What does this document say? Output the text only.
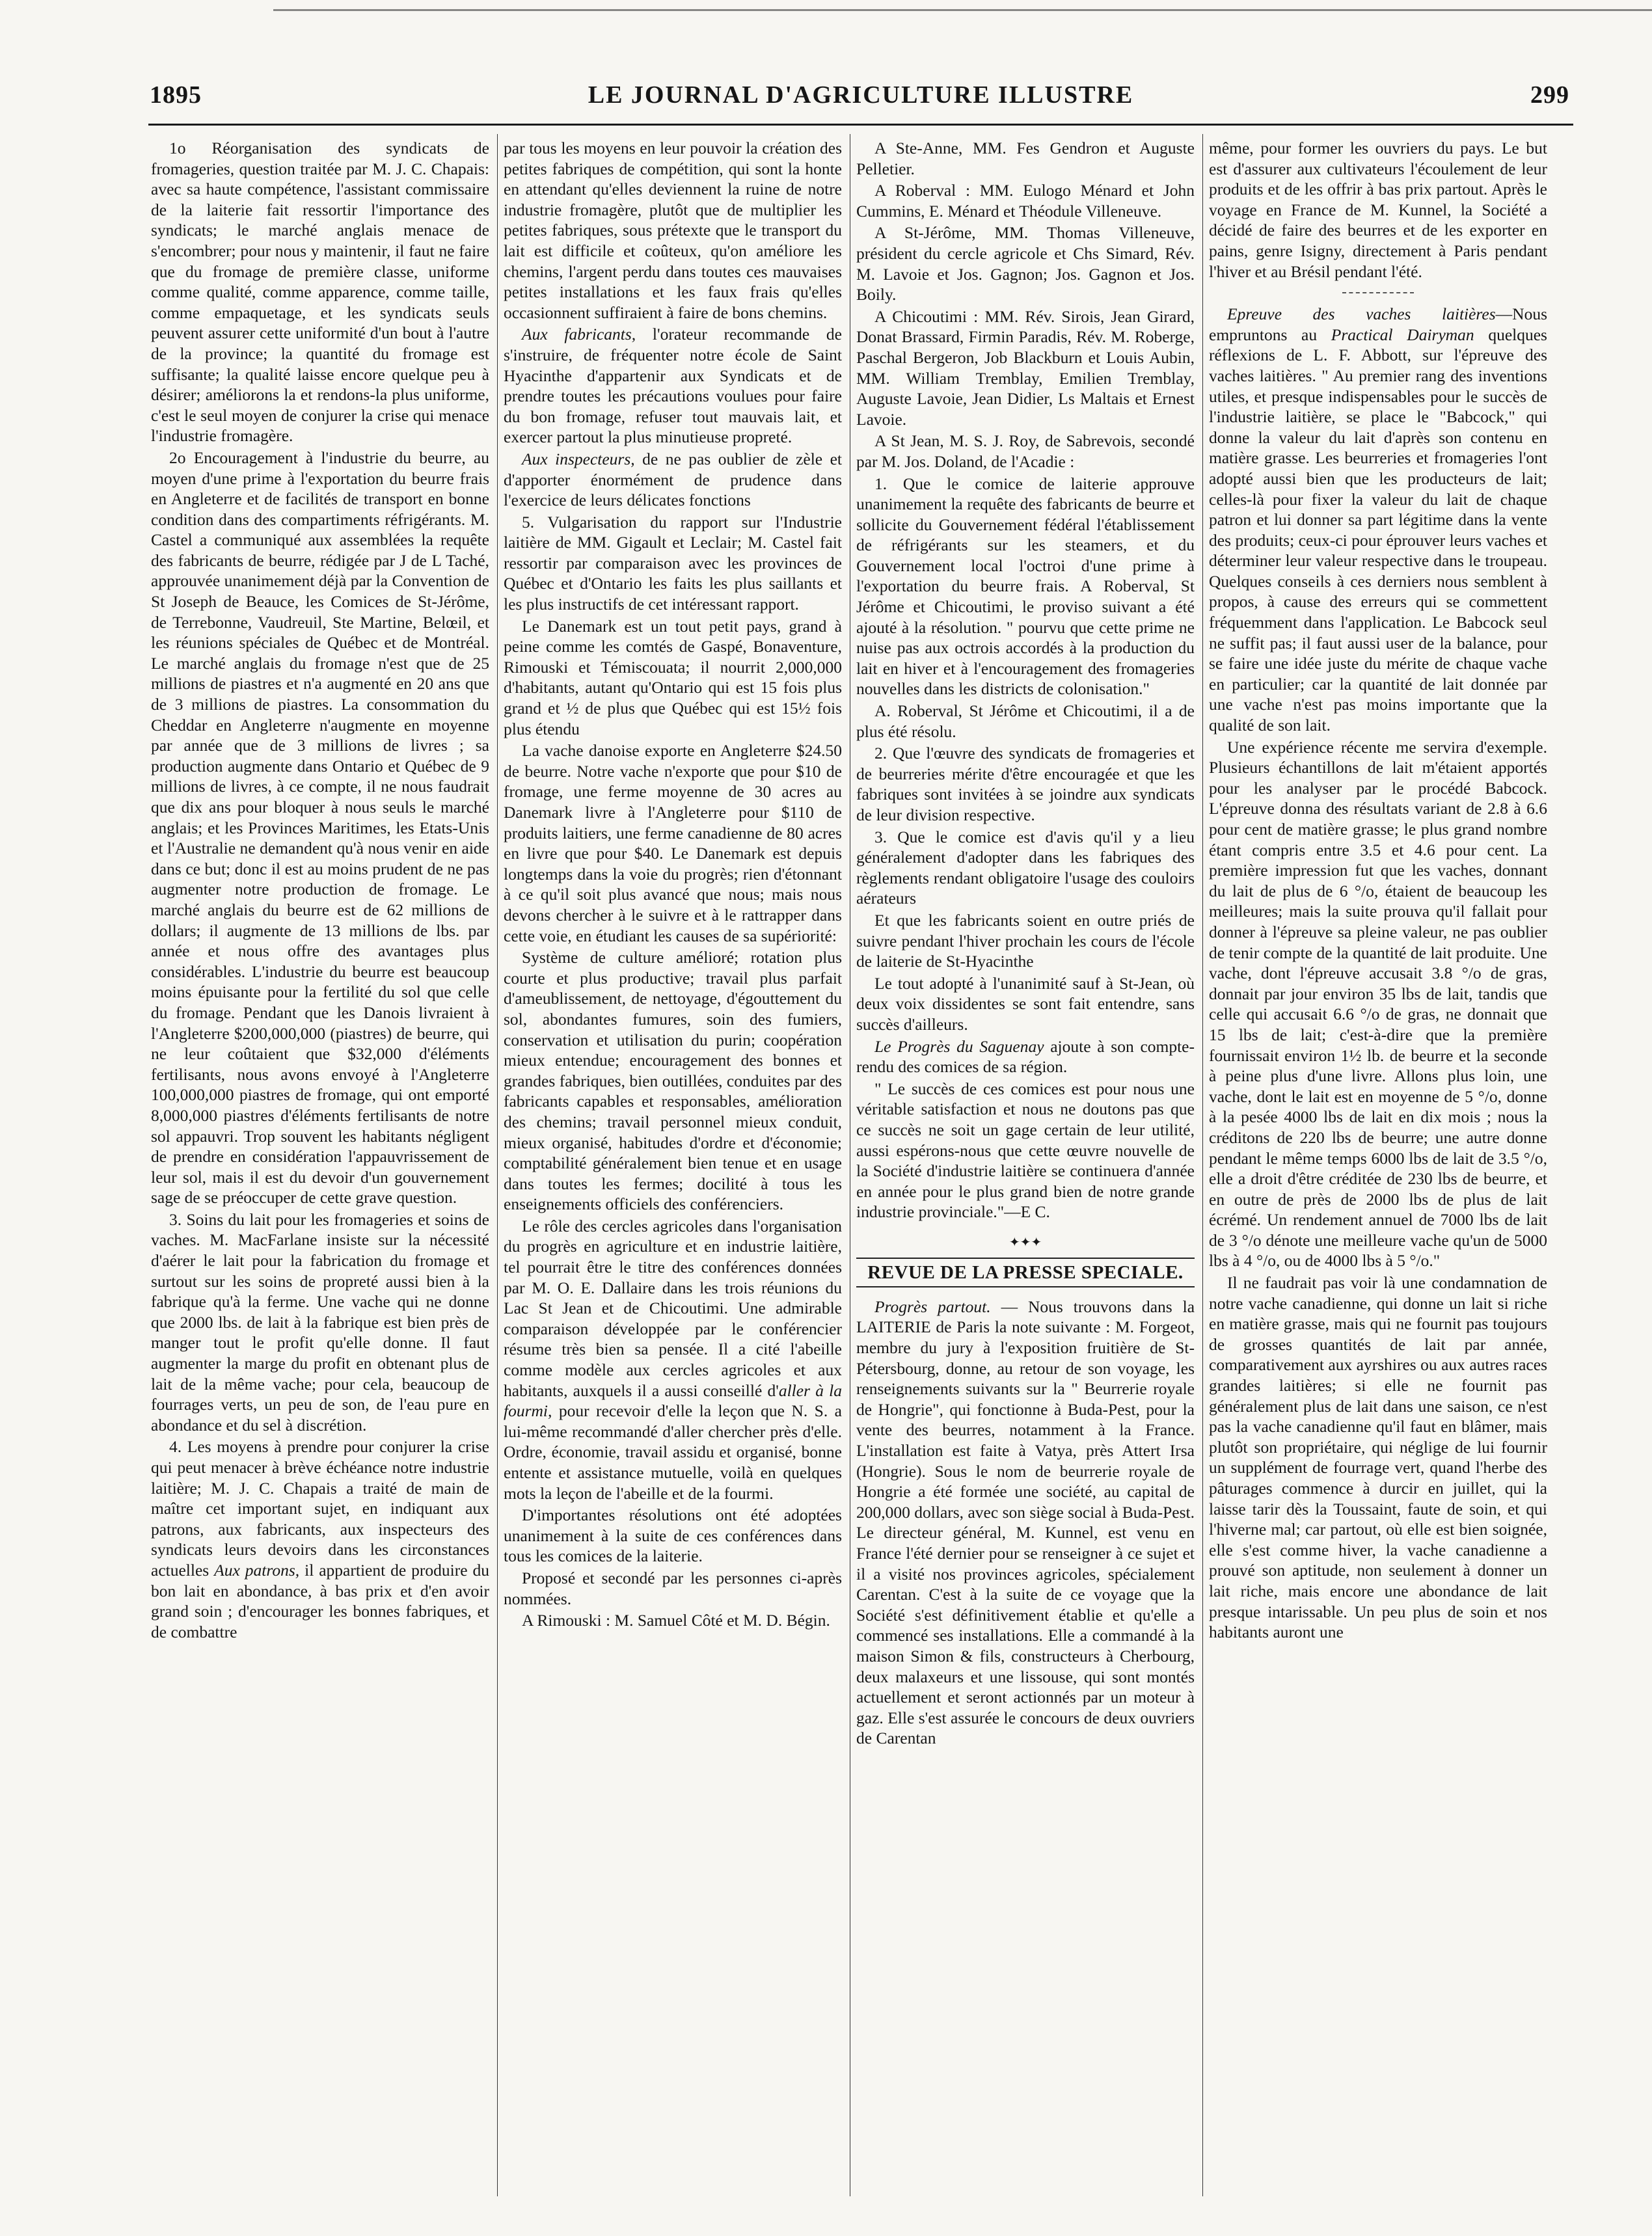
1895	LE JOURNAL D'AGRICULTURE ILLUSTRE	299

1o Réorganisation des syndicats de fromageries, question traitée par M. J. C. Chapais: avec sa haute compétence, l'assistant commissaire de la laiterie fait ressortir l'importance des syndicats; le marché anglais menace de s'encombrer; pour nous y maintenir, il faut ne faire que du fromage de première classe, uniforme comme qualité, comme apparence, comme taille, comme empaquetage, et les syndicats seuls peuvent assurer cette uniformité d'un bout à l'autre de la province; la quantité du fromage est suffisante; la qualité laisse encore quelque peu à désirer; améliorons la et rendons-la plus uniforme, c'est le seul moyen de conjurer la crise qui menace l'industrie fromagère.

2o Encouragement à l'industrie du beurre, au moyen d'une prime à l'exportation du beurre frais en Angleterre et de facilités de transport en bonne condition dans des compartiments réfrigérants. M. Castel a communiqué aux assemblées la requête des fabricants de beurre, rédigée par J de L Taché, approuvée unanimement déjà par la Convention de St Joseph de Beauce, les Comices de St-Jérôme, de Terrebonne, Vaudreuil, Ste Martine, Belœil, et les réunions spéciales de Québec et de Montréal. Le marché anglais du fromage n'est que de 25 millions de piastres et n'a augmenté en 20 ans que de 3 millions de piastres. La consommation du Cheddar en Angleterre n'augmente en moyenne par année que de 3 millions de livres ; sa production augmente dans Ontario et Québec de 9 millions de livres, à ce compte, il ne nous faudrait que dix ans pour bloquer à nous seuls le marché anglais; et les Provinces Maritimes, les Etats-Unis et l'Australie ne demandent qu'à nous venir en aide dans ce but; donc il est au moins prudent de ne pas augmenter notre production de fromage. Le marché anglais du beurre est de 62 millions de dollars; il augmente de 13 millions de lbs. par année et nous offre des avantages plus considérables. L'industrie du beurre est beaucoup moins épuisante pour la fertilité du sol que celle du fromage. Pendant que les Danois livraient à l'Angleterre $200,000,000 (piastres) de beurre, qui ne leur coûtaient que $32,000 d'éléments fertilisants, nous avons envoyé à l'Angleterre 100,000,000 piastres de fromage, qui ont emporté 8,000,000 piastres d'éléments fertilisants de notre sol appauvri. Trop souvent les habitants négligent de prendre en considération l'appauvrissement de leur sol, mais il est du devoir d'un gouvernement sage de se préoccuper de cette grave question.

3. Soins du lait pour les fromageries et soins de vaches. M. MacFarlane insiste sur la nécessité d'aérer le lait pour la fabrication du fromage et surtout sur les soins de propreté aussi bien à la fabrique qu'à la ferme. Une vache qui ne donne que 2000 lbs. de lait à la fabrique est bien près de manger tout le profit qu'elle donne. Il faut augmenter la marge du profit en obtenant plus de lait de la même vache; pour cela, beaucoup de fourrages verts, un peu de son, de l'eau pure en abondance et du sel à discrétion.

4. Les moyens à prendre pour conjurer la crise qui peut menacer à brève échéance notre industrie laitière; M. J. C. Chapais a traité de main de maître cet important sujet, en indiquant aux patrons, aux fabricants, aux inspecteurs des syndicats leurs devoirs dans les circonstances actuelles Aux patrons, il appartient de produire du bon lait en abondance, à bas prix et d'en avoir grand soin ; d'encourager les bonnes fabriques, et de combattre

par tous les moyens en leur pouvoir la création des petites fabriques de compétition, qui sont la honte en attendant qu'elles deviennent la ruine de notre industrie fromagère, plutôt que de multiplier les petites fabriques, sous prétexte que le transport du lait est difficile et coûteux, qu'on améliore les chemins, l'argent perdu dans toutes ces mauvaises petites installations et les faux frais qu'elles occasionnent suffiraient à faire de bons chemins.

Aux fabricants, l'orateur recommande de s'instruire, de fréquenter notre école de Saint Hyacinthe d'appartenir aux Syndicats et de prendre toutes les précautions voulues pour faire du bon fromage, refuser tout mauvais lait, et exercer partout la plus minutieuse propreté.

Aux inspecteurs, de ne pas oublier de zèle et d'apporter énormément de prudence dans l'exercice de leurs délicates fonctions

5. Vulgarisation du rapport sur l'Industrie laitière de MM. Gigault et Leclair; M. Castel fait ressortir par comparaison avec les provinces de Québec et d'Ontario les faits les plus saillants et les plus instructifs de cet intéressant rapport.

Le Danemark est un tout petit pays, grand à peine comme les comtés de Gaspé, Bonaventure, Rimouski et Témiscouata; il nourrit 2,000,000 d'habitants, autant qu'Ontario qui est 15 fois plus grand et ½ de plus que Québec qui est 15½ fois plus étendu

La vache danoise exporte en Angleterre $24.50 de beurre. Notre vache n'exporte que pour $10 de fromage, une ferme moyenne de 30 acres au Danemark livre à l'Angleterre pour $110 de produits laitiers, une ferme canadienne de 80 acres en livre que pour $40. Le Danemark est depuis longtemps dans la voie du progrès; rien d'étonnant à ce qu'il soit plus avancé que nous; mais nous devons chercher à le suivre et à le rattrapper dans cette voie, en étudiant les causes de sa supériorité:

Système de culture amélioré; rotation plus courte et plus productive; travail plus parfait d'ameublissement, de nettoyage, d'égouttement du sol, abondantes fumures, soin des fumiers, conservation et utilisation du purin; coopération mieux entendue; encouragement des bonnes et grandes fabriques, bien outillées, conduites par des fabricants capables et responsables, amélioration des chemins; travail personnel mieux conduit, mieux organisé, habitudes d'ordre et d'économie; comptabilité généralement bien tenue et en usage dans toutes les fermes; docilité à tous les enseignements officiels des conférenciers.

Le rôle des cercles agricoles dans l'organisation du progrès en agriculture et en industrie laitière, tel pourrait être le titre des conférences données par M. O. E. Dallaire dans les trois réunions du Lac St Jean et de Chicoutimi. Une admirable comparaison développée par le conférencier résume très bien sa pensée. Il a cité l'abeille comme modèle aux cercles agricoles et aux habitants, auxquels il a aussi conseillé d'aller à la fourmi, pour recevoir d'elle la leçon que N. S. a lui-même recommandé d'aller chercher près d'elle. Ordre, économie, travail assidu et organisé, bonne entente et assistance mutuelle, voilà en quelques mots la leçon de l'abeille et de la fourmi.

D'importantes résolutions ont été adoptées unanimement à la suite de ces conférences dans tous les comices de la laiterie.

Proposé et secondé par les personnes ci-après nommées.

A Rimouski : M. Samuel Côté et M. D. Bégin.

A Ste-Anne, MM. Fes Gendron et Auguste Pelletier.

A Roberval : MM. Eulogo Ménard et John Cummins, E. Ménard et Théodule Villeneuve.

A St-Jérôme, MM. Thomas Villeneuve, président du cercle agricole et Chs Simard, Rév. M. Lavoie et Jos. Gagnon; Jos. Gagnon et Jos. Boily.

A Chicoutimi : MM. Rév. Sirois, Jean Girard, Donat Brassard, Firmin Paradis, Rév. M. Roberge, Paschal Bergeron, Job Blackburn et Louis Aubin, MM. William Tremblay, Emilien Tremblay, Auguste Lavoie, Jean Didier, Ls Maltais et Ernest Lavoie.

A St Jean, M. S. J. Roy, de Sabrevois, secondé par M. Jos. Doland, de l'Acadie :

1. Que le comice de laiterie approuve unanimement la requête des fabricants de beurre et sollicite du Gouvernement fédéral l'établissement de réfrigérants sur les steamers, et du Gouvernement local l'octroi d'une prime à l'exportation du beurre frais. A Roberval, St Jérôme et Chicoutimi, le proviso suivant a été ajouté à la résolution. " pourvu que cette prime ne nuise pas aux octrois accordés à la production du lait en hiver et à l'encouragement des fromageries nouvelles dans les districts de colonisation."

A. Roberval, St Jérôme et Chicoutimi, il a de plus été résolu.

2. Que l'œuvre des syndicats de fromageries et de beurreries mérite d'être encouragée et que les fabriques sont invitées à se joindre aux syndicats de leur division respective.

3. Que le comice est d'avis qu'il y a lieu généralement d'adopter dans les fabriques des règlements rendant obligatoire l'usage des couloirs aérateurs

Et que les fabricants soient en outre priés de suivre pendant l'hiver prochain les cours de l'école de laiterie de St-Hyacinthe

Le tout adopté à l'unanimité sauf à St-Jean, où deux voix dissidentes se sont fait entendre, sans succès d'ailleurs.

Le Progrès du Saguenay ajoute à son compte-rendu des comices de sa région.

" Le succès de ces comices est pour nous une véritable satisfaction et nous ne doutons pas que ce succès ne soit un gage certain de leur utilité, aussi espérons-nous que cette œuvre nouvelle de la Société d'industrie laitière se continuera d'année en année pour le plus grand bien de notre grande industrie provinciale."—E C.

✦✦✦
REVUE DE LA PRESSE SPECIALE.

Progrès partout. — Nous trouvons dans la LAITERIE de Paris la note suivante : M. Forgeot, membre du jury à l'exposition fruitière de St-Pétersbourg, donne, au retour de son voyage, les renseignements suivants sur la " Beurrerie royale de Hongrie", qui fonctionne à Buda-Pest, pour la vente des beurres, notamment à la France. L'installation est faite à Vatya, près Attert Irsa (Hongrie). Sous le nom de beurrerie royale de Hongrie a été formée une société, au capital de 200,000 dollars, avec son siège social à Buda-Pest. Le directeur général, M. Kunnel, est venu en France l'été dernier pour se renseigner à ce sujet et il a visité nos provinces agricoles, spécialement Carentan. C'est à la suite de ce voyage que la Société s'est définitivement établie et qu'elle a commencé ses installations. Elle a commandé à la maison Simon & fils, constructeurs à Cherbourg, deux malaxeurs et une lissouse, qui sont montés actuellement et seront actionnés par un moteur à gaz. Elle s'est assurée le concours de deux ouvriers de Carentan

même, pour former les ouvriers du pays. Le but est d'assurer aux cultivateurs l'écoulement de leur produits et de les offrir à bas prix partout. Après le voyage en France de M. Kunnel, la Société a décidé de faire des beurres et de les exporter en pains, genre Isigny, directement à Paris pendant l'hiver et au Brésil pendant l'été.

Epreuve des vaches laitières—Nous empruntons au Practical Dairyman quelques réflexions de L. F. Abbott, sur l'épreuve des vaches laitières. " Au premier rang des inventions utiles, et presque indispensables pour le succès de l'industrie laitière, se place le "Babcock," qui donne la valeur du lait d'après son contenu en matière grasse. Les beurreries et fromageries l'ont adopté aussi bien que les producteurs de lait; celles-là pour fixer la valeur du lait de chaque patron et lui donner sa part légitime dans la vente des produits; ceux-ci pour éprouver leurs vaches et déterminer leur valeur respective dans le troupeau. Quelques conseils à ces derniers nous semblent à propos, à cause des erreurs qui se commettent fréquemment dans l'application. Le Babcock seul ne suffit pas; il faut aussi user de la balance, pour se faire une idée juste du mérite de chaque vache en particulier; car la quantité de lait donnée par une vache n'est pas moins importante que la qualité de son lait.

Une expérience récente me servira d'exemple. Plusieurs échantillons de lait m'étaient apportés pour les analyser par le procédé Babcock. L'épreuve donna des résultats variant de 2.8 à 6.6 pour cent de matière grasse; le plus grand nombre étant compris entre 3.5 et 4.6 pour cent. La première impression fut que les vaches, donnant du lait de plus de 6 °/o, étaient de beaucoup les meilleures; mais la suite prouva qu'il fallait pour donner à l'épreuve sa pleine valeur, ne pas oublier de tenir compte de la quantité de lait produite. Une vache, dont l'épreuve accusait 3.8 °/o de gras, donnait par jour environ 35 lbs de lait, tandis que celle qui accusait 6.6 °/o de gras, ne donnait que 15 lbs de lait; c'est-à-dire que la première fournissait environ 1½ lb. de beurre et la seconde à peine plus d'une livre. Allons plus loin, une vache, dont le lait est en moyenne de 5 °/o, donne à la pesée 4000 lbs de lait en dix mois ; nous la créditons de 220 lbs de beurre; une autre donne pendant le même temps 6000 lbs de lait de 3.5 °/o, elle a droit d'être créditée de 230 lbs de beurre, et en outre de près de 2000 lbs de plus de lait écrémé. Un rendement annuel de 7000 lbs de lait de 3 °/o dénote une meilleure vache qu'un de 5000 lbs à 4 °/o, ou de 4000 lbs à 5 °/o."

Il ne faudrait pas voir là une condamnation de notre vache canadienne, qui donne un lait si riche en matière grasse, mais qui ne fournit pas toujours de grosses quantités de lait par année, comparativement aux ayrshires ou aux autres races grandes laitières; si elle ne fournit pas généralement plus de lait dans une saison, ce n'est pas la vache canadienne qu'il faut en blâmer, mais plutôt son propriétaire, qui néglige de lui fournir un supplément de fourrage vert, quand l'herbe des pâturages commence à durcir en juillet, qui la laisse tarir dès la Toussaint, faute de soin, et qui l'hiverne mal; car partout, où elle est bien soignée, elle s'est comme hiver, la vache canadienne a prouvé son aptitude, non seulement à donner un lait riche, mais encore une abondance de lait presque intarissable. Un peu plus de soin et nos habitants auront une
